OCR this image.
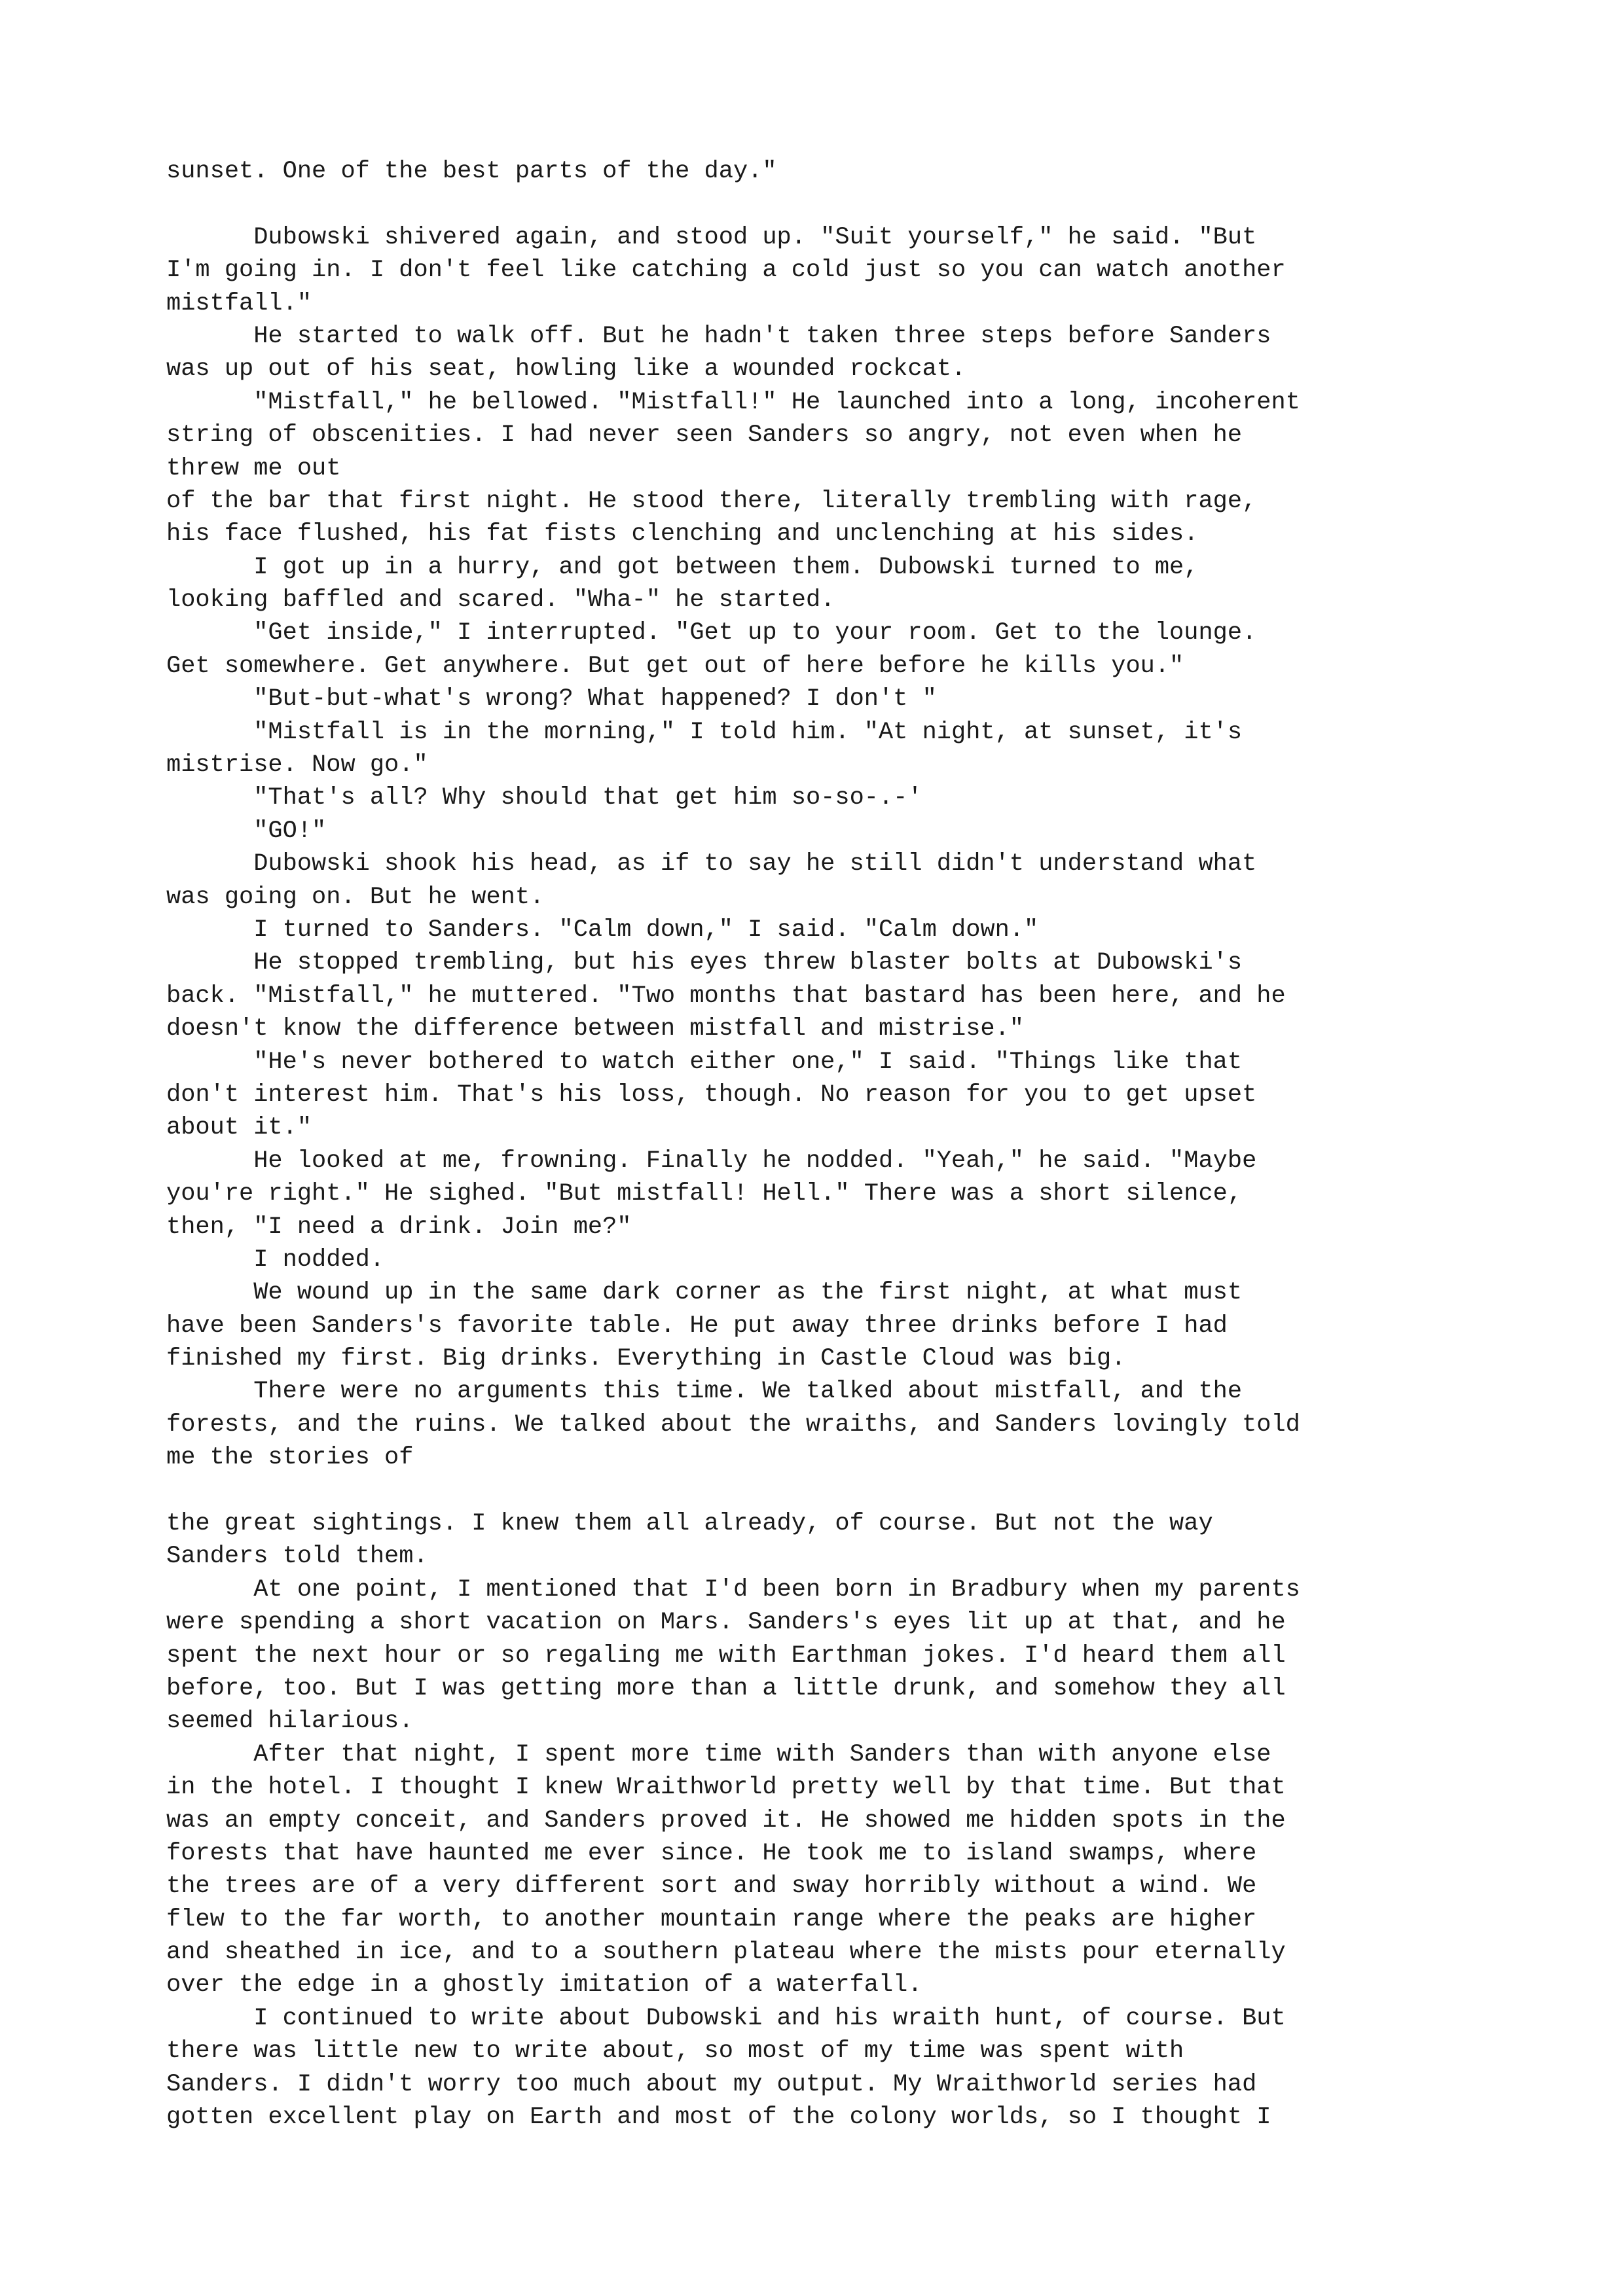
sunset. One of the best parts of the day."
Dubowski shivered again, and stood up. "Suit yourself," he said. "But
I'm going in. I don't feel like catching a cold just so you can watch another
mistfall."
He started to walk off. But he hadn't taken three steps before Sanders
was up out of his seat, howling like a wounded rockcat.
"Mistfall," he bellowed. "Mistfall!" He launched into a long, incoherent
string of obscenities. I had never seen Sanders so angry, not even when he
threw me out
of the bar that first night. He stood there, literally trembling with rage,
his face flushed, his fat fists clenching and unclenching at his sides.
I got up in a hurry, and got between them. Dubowski turned to me,
looking baffled and scared. "Wha-" he started.
"Get inside," I interrupted. "Get up to your room. Get to the lounge.
Get somewhere. Get anywhere. But get out of here before he kills you."
"But-but-what's wrong? What happened? I don't "
"Mistfall is in the morning," I told him. "At night, at sunset, it's
mistrise. Now go."
"That's all? Why should that get him so-so-.-'
"GO!"
Dubowski shook his head, as if to say he still didn't understand what
was going on. But he went.
I turned to Sanders. "Calm down," I said. "Calm down."
He stopped trembling, but his eyes threw blaster bolts at Dubowski's
back. "Mistfall," he muttered. "Two months that bastard has been here, and he
doesn't know the difference between mistfall and mistrise."
"He's never bothered to watch either one," I said. "Things like that
don't interest him. That's his loss, though. No reason for you to get upset
about it."
He looked at me, frowning. Finally he nodded. "Yeah," he said. "Maybe
you're right." He sighed. "But mistfall! Hell." There was a short silence,
then, "I need a drink. Join me?"
I nodded.
We wound up in the same dark corner as the first night, at what must
have been Sanders's favorite table. He put away three drinks before I had
finished my first. Big drinks. Everything in Castle Cloud was big.
There were no arguments this time. We talked about mistfall, and the
forests, and the ruins. We talked about the wraiths, and Sanders lovingly told
me the stories of
the great sightings. I knew them all already, of course. But not the way
Sanders told them.
At one point, I mentioned that I'd been born in Bradbury when my parents
were spending a short vacation on Mars. Sanders's eyes lit up at that, and he
spent the next hour or so regaling me with Earthman jokes. I'd heard them all
before, too. But I was getting more than a little drunk, and somehow they all
seemed hilarious.
After that night, I spent more time with Sanders than with anyone else
in the hotel. I thought I knew Wraithworld pretty well by that time. But that
was an empty conceit, and Sanders proved it. He showed me hidden spots in the
forests that have haunted me ever since. He took me to island swamps, where
the trees are of a very different sort and sway horribly without a wind. We
flew to the far worth, to another mountain range where the peaks are higher
and sheathed in ice, and to a southern plateau where the mists pour eternally
over the edge in a ghostly imitation of a waterfall.
I continued to write about Dubowski and his wraith hunt, of course. But
there was little new to write about, so most of my time was spent with
Sanders. I didn't worry too much about my output. My Wraithworld series had
gotten excellent play on Earth and most of the colony worlds, so I thought I
